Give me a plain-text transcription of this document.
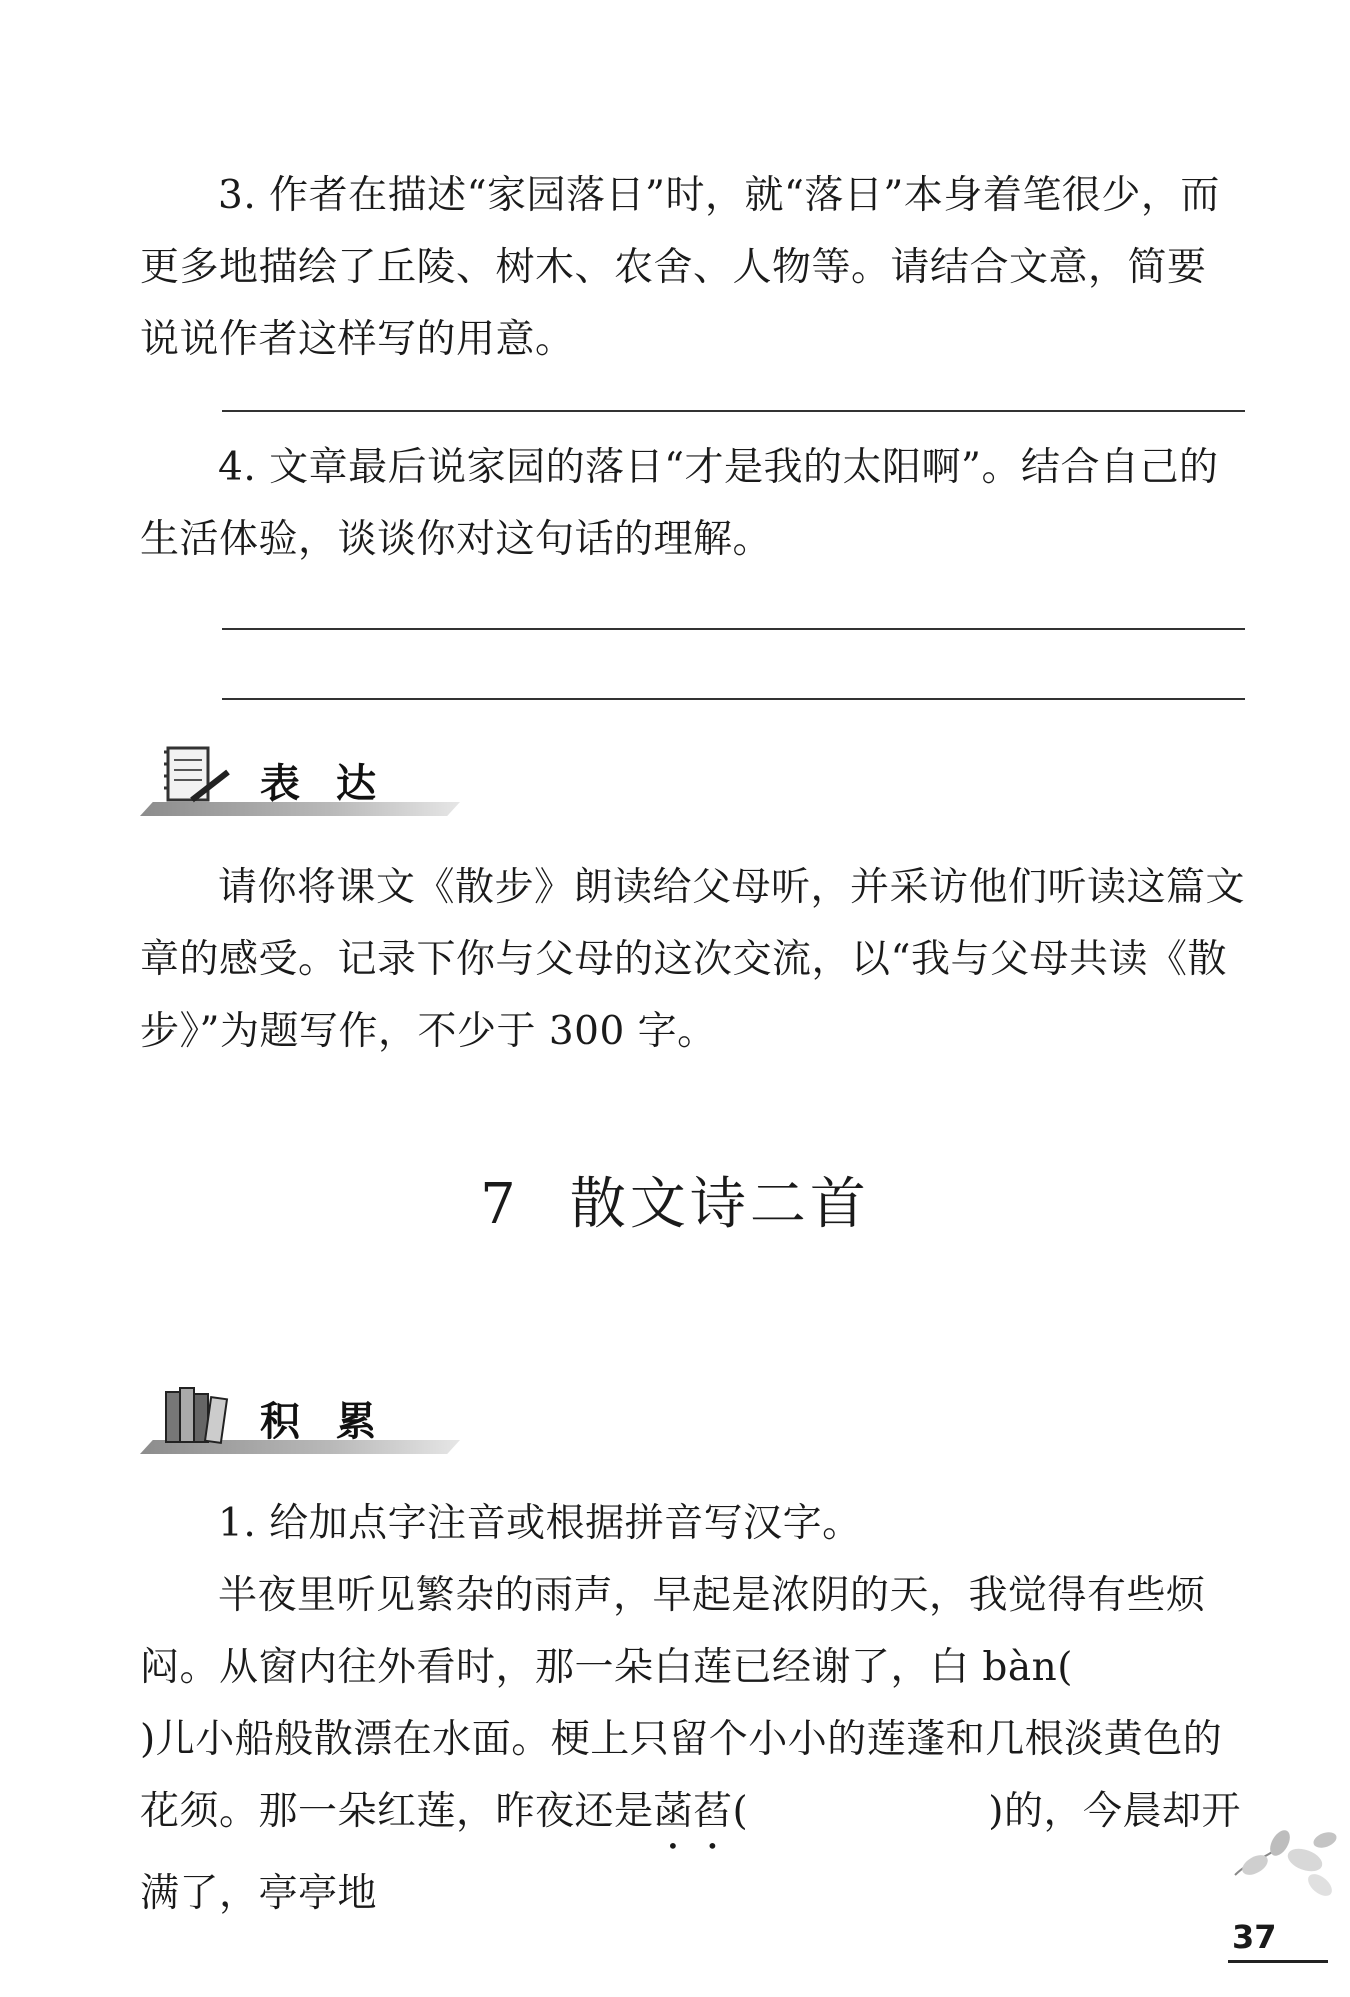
3. 作者在描述“家园落日”时，就“落日”本身着笔很少，而更多地描绘了丘陵、树木、农舍、人物等。请结合文意，简要说说作者这样写的用意。

4. 文章最后说家园的落日“才是我的太阳啊”。结合自己的生活体验，谈谈你对这句话的理解。

表达

请你将课文《散步》朗读给父母听，并采访他们听读这篇文章的感受。记录下你与父母的这次交流，以“我与父母共读《散步》”为题写作，不少于 300 字。

7 散文诗二首
积累

1. 给加点字注音或根据拼音写汉字。

半夜里听见繁杂的雨声，早起是浓阴的天，我觉得有些烦闷。从窗内往外看时，那一朵白莲已经谢了，白 bàn()儿小船般散漂在水面。梗上只留个小小的莲蓬和几根淡黄色的花须。那一朵红莲，昨夜还是菡萏(	)的，今晨却开满了，亭亭地

37
